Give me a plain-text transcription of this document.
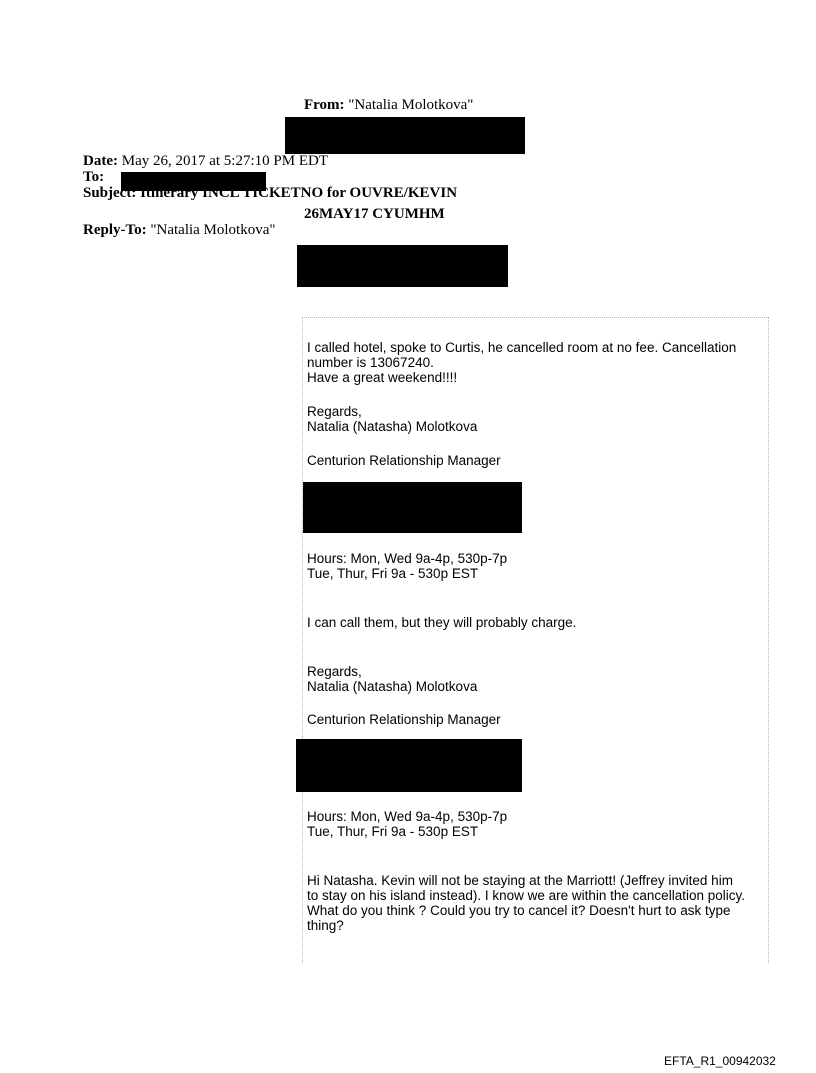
From: "Natalia Molotkova"
Date: May 26, 2017 at 5:27:10 PM EDT
To:
Subject: Itinerary INCL TICKETNO for OUVRE/KEVIN
26MAY17 CYUMHM
Reply-To: "Natalia Molotkova"
I called hotel, spoke to Curtis, he cancelled room at no fee. Cancellation
number is 13067240.
Have a great weekend!!!!
Regards,
Natalia (Natasha) Molotkova
Centurion Relationship Manager
Hours: Mon, Wed 9a-4p, 530p-7p
Tue, Thur, Fri 9a - 530p EST
I can call them, but they will probably charge.
Regards,
Natalia (Natasha) Molotkova
Centurion Relationship Manager
Hours: Mon, Wed 9a-4p, 530p-7p
Tue, Thur, Fri 9a - 530p EST
Hi Natasha. Kevin will not be staying at the Marriott! (Jeffrey invited him
to stay on his island instead). I know we are within the cancellation policy.
What do you think ? Could you try to cancel it? Doesn't hurt to ask type
thing?
EFTA_R1_00942032
